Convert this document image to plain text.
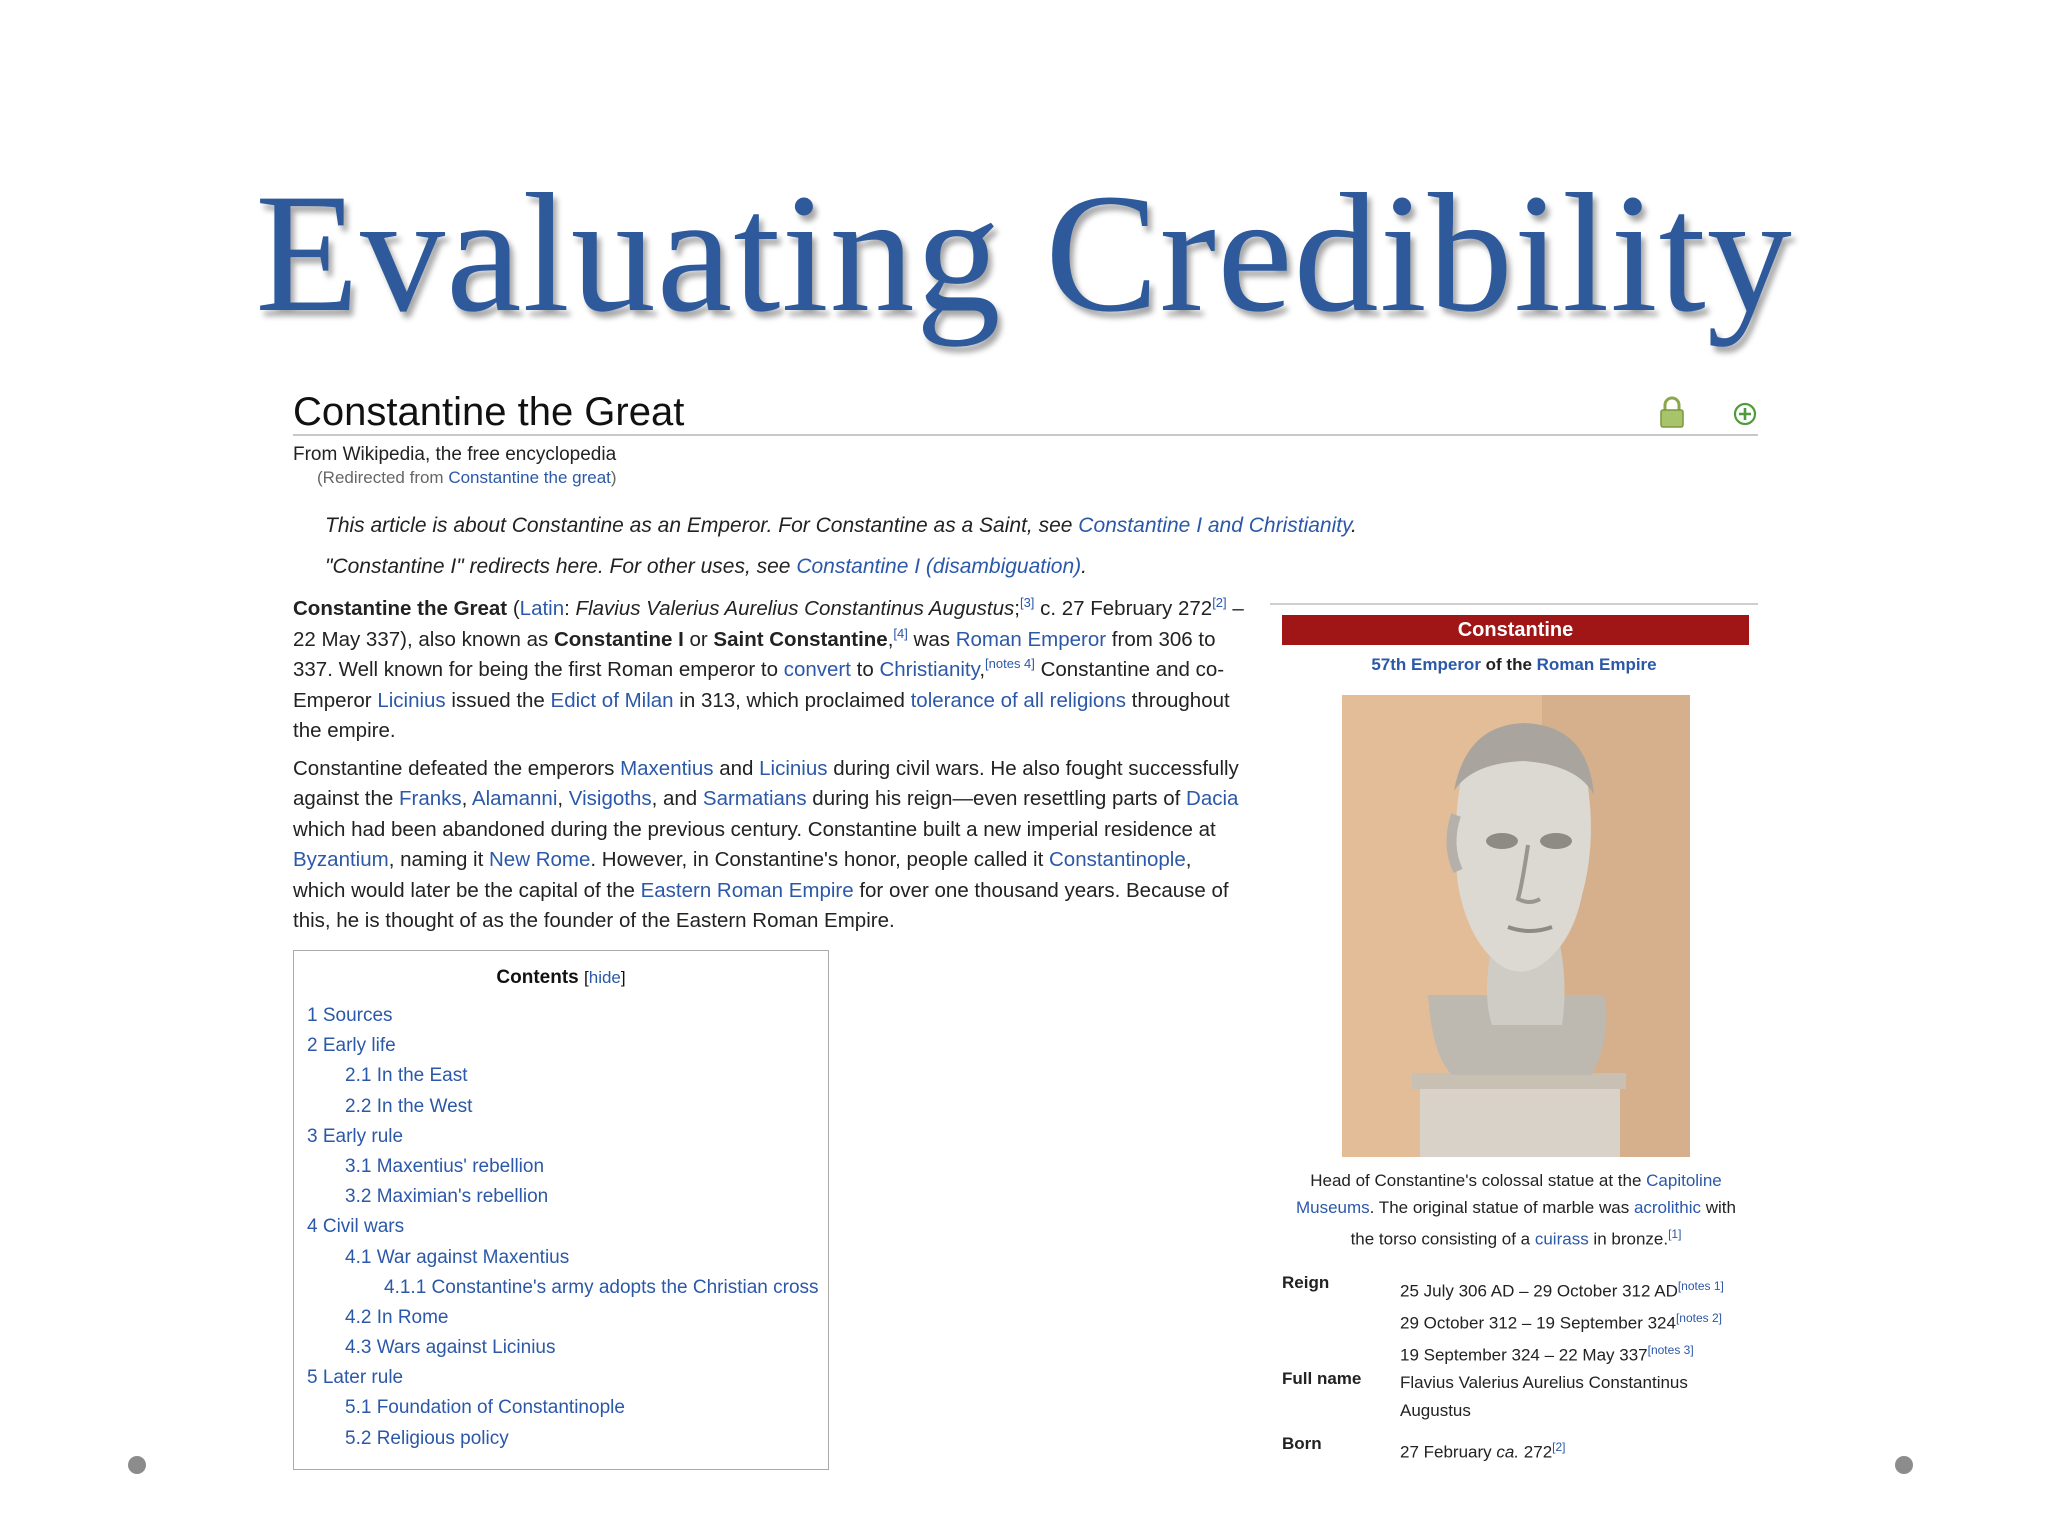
Evaluating Credibility
Constantine the Great
From Wikipedia, the free encyclopedia
(Redirected from Constantine the great)
This article is about Constantine as an Emperor. For Constantine as a Saint, see Constantine I and Christianity.
"Constantine I" redirects here. For other uses, see Constantine I (disambiguation).

Constantine the Great (Latin: Flavius Valerius Aurelius Constantinus Augustus;[3] c. 27 February 272[2] – 22 May 337), also known as Constantine I or Saint Constantine,[4] was Roman Emperor from 306 to 337. Well known for being the first Roman emperor to convert to Christianity,[notes 4] Constantine and co-Emperor Licinius issued the Edict of Milan in 313, which proclaimed tolerance of all religions throughout the empire.

Constantine defeated the emperors Maxentius and Licinius during civil wars. He also fought successfully against the Franks, Alamanni, Visigoths, and Sarmatians during his reign—even resettling parts of Dacia which had been abandoned during the previous century. Constantine built a new imperial residence at Byzantium, naming it New Rome. However, in Constantine's honor, people called it Constantinople, which would later be the capital of the Eastern Roman Empire for over one thousand years. Because of this, he is thought of as the founder of the Eastern Roman Empire.

Contents [hide]
1 Sources
2 Early life
2.1 In the East
2.2 In the West
3 Early rule
3.1 Maxentius' rebellion
3.2 Maximian's rebellion
4 Civil wars
4.1 War against Maxentius
4.1.1 Constantine's army adopts the Christian cross
4.2 In Rome
4.3 Wars against Licinius
5 Later rule
5.1 Foundation of Constantinople
5.2 Religious policy
Constantine
57th Emperor of the Roman Empire
Head of Constantine's colossal statue at the Capitoline Museums. The original statue of marble was acrolithic with the torso consisting of a cuirass in bronze.[1]
Reign	25 July 306 AD – 29 October 312 AD[notes 1]
29 October 312 – 19 September 324[notes 2]
19 September 324 – 22 May 337[notes 3]
Full name	Flavius Valerius Aurelius Constantinus Augustus
Born	27 February ca. 272[2]
